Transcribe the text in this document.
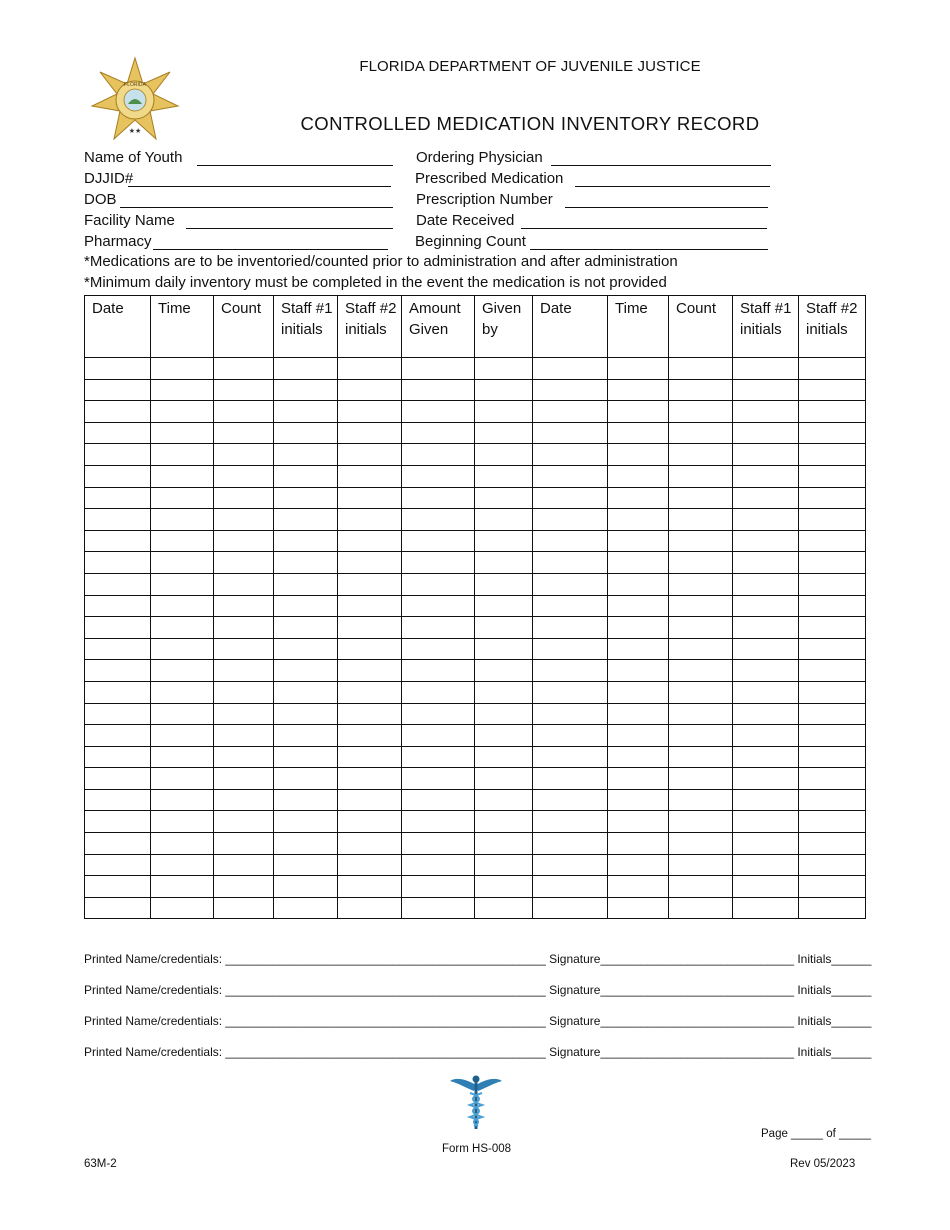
FLORIDA
★★
FLORIDA DEPARTMENT OF JUVENILE JUSTICE
CONTROLLED MEDICATION INVENTORY RECORD
Name of Youth
DJJID#
DOB
Facility Name
Pharmacy
Ordering Physician
Prescribed Medication
Prescription Number
Date Received
Beginning Count
*Medications are to be inventoried/counted prior to administration and after administration
*Minimum daily inventory must be completed in the event the medication is not provided
Date	Time	Count	Staff #1 initials	Staff #2 initials	Amount Given	Given by	Date	Time	Count	Staff #1 initials	Staff #2 initials

Printed Name/credentials: ________________________________________________ Signature_____________________________ Initials______
Printed Name/credentials: ________________________________________________ Signature_____________________________ Initials______
Printed Name/credentials: ________________________________________________ Signature_____________________________ Initials______
Printed Name/credentials: ________________________________________________ Signature_____________________________ Initials______
Page _____ of _____
Form HS-008
63M-2	Rev 05/2023
